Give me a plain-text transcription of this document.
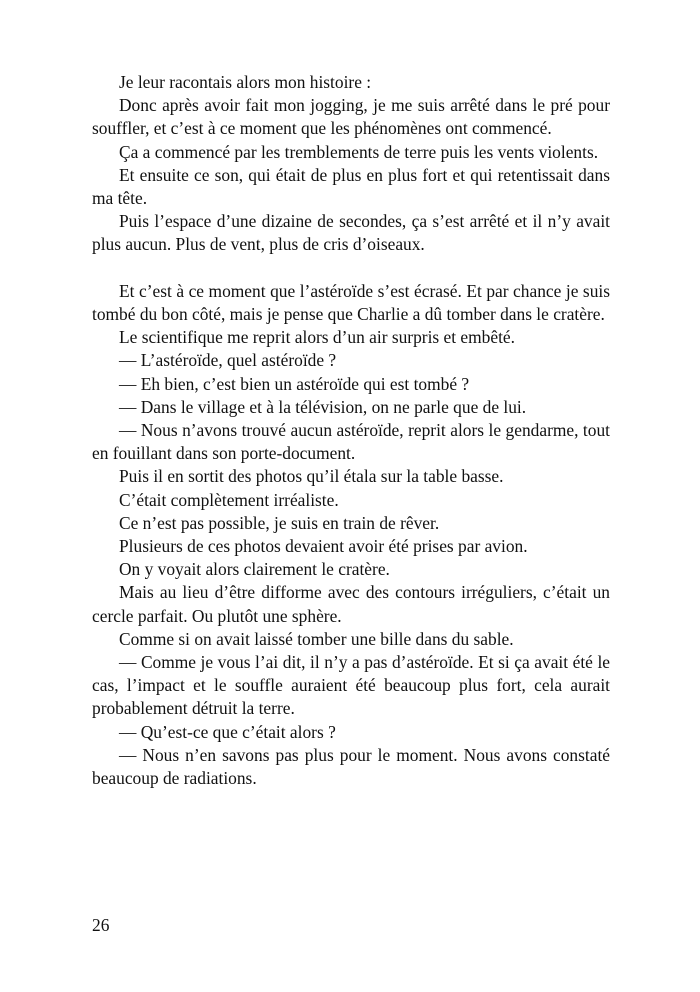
Je leur racontais alors mon histoire :

Donc après avoir fait mon jogging, je me suis arrêté dans le pré pour souffler, et c’est à ce moment que les phénomènes ont commencé.

Ça a commencé par les tremblements de terre puis les vents violents.

Et ensuite ce son, qui était de plus en plus fort et qui retentissait dans ma tête.

Puis l’espace d’une dizaine de secondes, ça s’est arrêté et il n’y avait plus aucun. Plus de vent, plus de cris d’oiseaux.

Et c’est à ce moment que l’astéroïde s’est écrasé. Et par chance je suis tombé du bon côté, mais je pense que Charlie a dû tomber dans le cratère.

Le scientifique me reprit alors d’un air surpris et embêté.

— L’astéroïde, quel astéroïde ?

— Eh bien, c’est bien un astéroïde qui est tombé ?

— Dans le village et à la télévision, on ne parle que de lui.

— Nous n’avons trouvé aucun astéroïde, reprit alors le gendarme, tout en fouillant dans son porte-document.

Puis il en sortit des photos qu’il étala sur la table basse.

C’était complètement irréaliste.

Ce n’est pas possible, je suis en train de rêver.

Plusieurs de ces photos devaient avoir été prises par avion.

On y voyait alors clairement le cratère.

Mais au lieu d’être difforme avec des contours irréguliers, c’était un cercle parfait. Ou plutôt une sphère.

Comme si on avait laissé tomber une bille dans du sable.

— Comme je vous l’ai dit, il n’y a pas d’astéroïde. Et si ça avait été le cas, l’impact et le souffle auraient été beaucoup plus fort, cela aurait probablement détruit la terre.

— Qu’est-ce que c’était alors ?

— Nous n’en savons pas plus pour le moment. Nous avons constaté beaucoup de radiations.

26
